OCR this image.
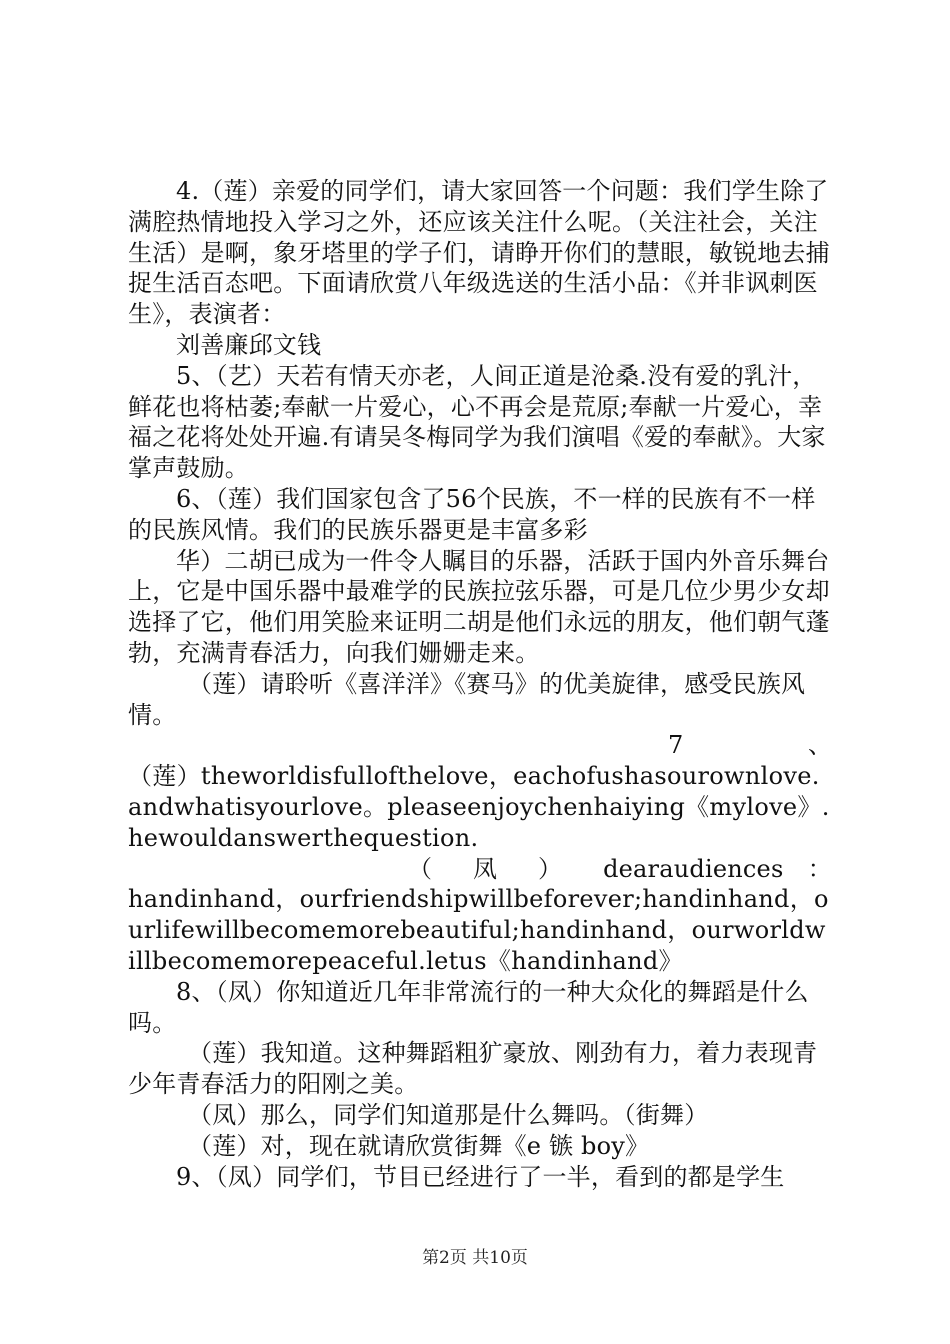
4.（莲）亲爱的同学们，请大家回答一个问题：我们学生除了满腔热情地投入学习之外，还应该关注什么呢。（关注社会，关注生活）是啊，象牙塔里的学子们，请睁开你们的慧眼，敏锐地去捕捉生活百态吧。下面请欣赏八年级选送的生活小品：《并非讽刺医生》，表演者：

刘善廉邱文钱

5、（艺）天若有情天亦老，人间正道是沧桑.没有爱的乳汁，鲜花也将枯萎;奉献一片爱心，心不再会是荒原;奉献一片爱心，幸福之花将处处开遍.有请吴冬梅同学为我们演唱《爱的奉献》。大家掌声鼓励。

6、（莲）我们国家包含了56个民族，不一样的民族有不一样的民族风情。我们的民族乐器更是丰富多彩

华）二胡已成为一件令人瞩目的乐器，活跃于国内外音乐舞台上，它是中国乐器中最难学的民族拉弦乐器，可是几位少男少女却选择了它，他们用笑脸来证明二胡是他们永远的朋友，他们朝气蓬勃，充满青春活力，向我们姗姗走来。

（莲）请聆听《喜洋洋》《赛马》的优美旋律，感受民族风情。

7　、

（莲）theworldisfullofthelove，eachofushasourownlove.andwhatisyourlove。pleaseenjoychenhaiying《mylove》.hewouldanswerthequestion.

（ 凤 ） dearaudiences ：

handinhand，ourfriendshipwillbeforever;handinhand，ourlifewillbecomemorebeautiful;handinhand，ourworldwillbecomemorepeaceful.letus《handinhand》

8、（凤）你知道近几年非常流行的一种大众化的舞蹈是什么吗。

（莲）我知道。这种舞蹈粗犷豪放、刚劲有力，着力表现青少年青春活力的阳刚之美。

（凤）那么，同学们知道那是什么舞吗。（街舞）

（莲）对，现在就请欣赏街舞《e 镞 boy》

9、（凤）同学们，节目已经进行了一半，看到的都是学生

第2页 共10页
